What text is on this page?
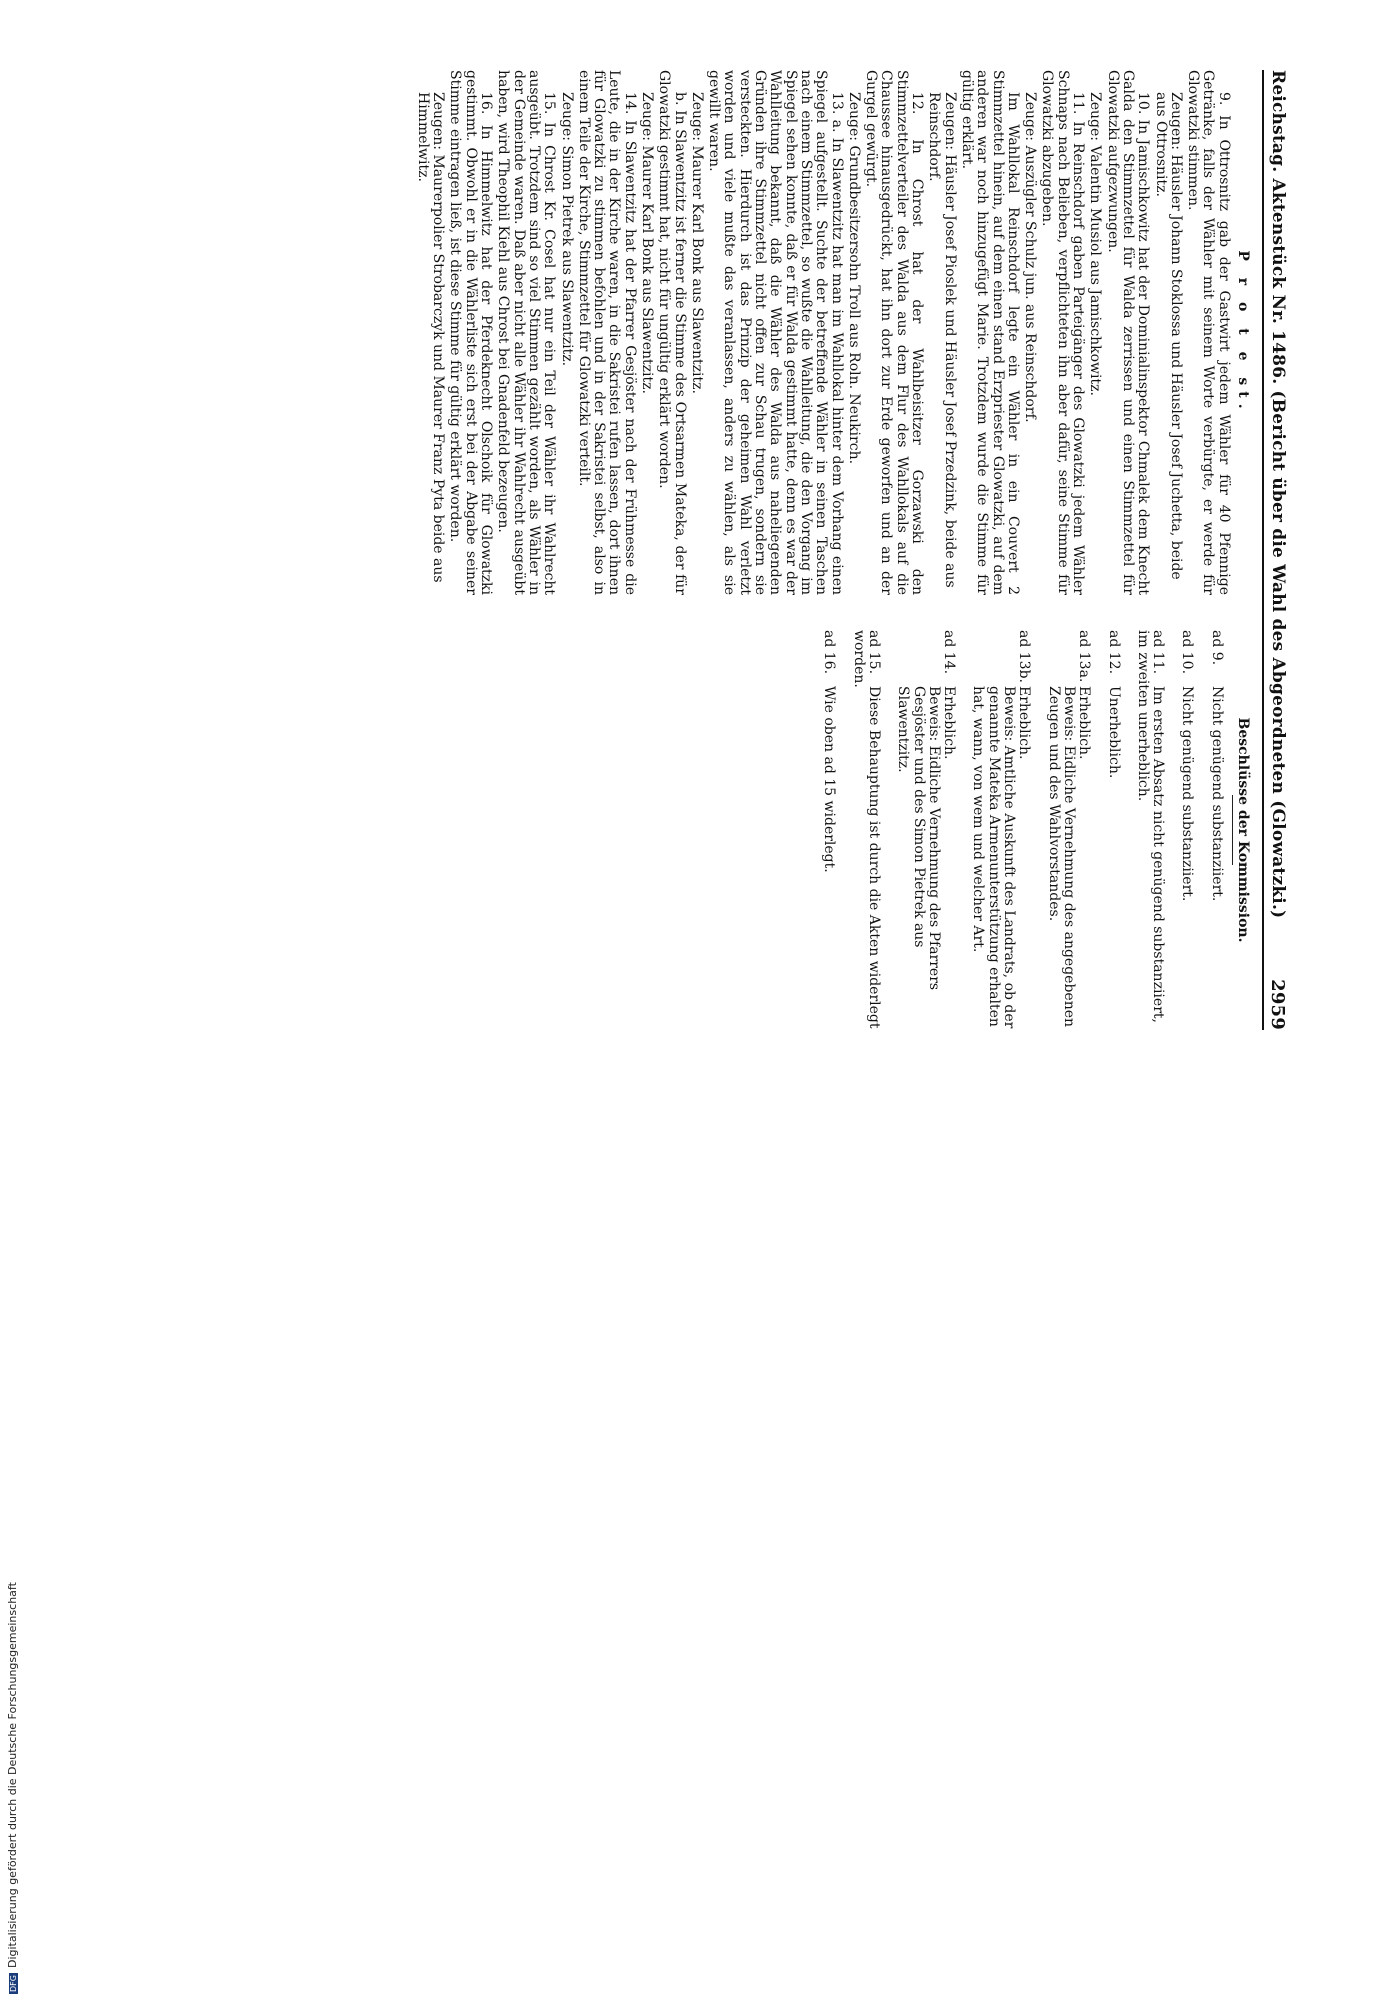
Reichstag. Aktenstück Nr. 1486. (Bericht über die Wahl des Abgeordneten (Glowatzki.)
2959
P r o t e st.

9. In Ottrosnitz gab der Gastwirt jedem Wähler für 40 Pfennige Getränke, falls der Wähler mit seinem Worte verbürgte, er werde für Glowatzki stimmen.

Zeugen: Häusler Johann Stoklossa und Häusler Josef Juchetta, beide aus Ottrosnitz.

10. In Jamischkowitz hat der Dominialinspektor Chmalek dem Knecht Galda den Stimmzettel für Walda zerrissen und einen Stimmzettel für Glowatzki aufgezwungen.

Zeuge: Valentin Musiol aus Jamischkowitz.

11. In Reinschdorf gaben Parteigänger des Glowatzki jedem Wähler Schnaps nach Belieben, verpflichteten ihn aber dafür, seine Stimme für Glowatzki abzugeben.

Zeuge: Auszügler Schulz jun. aus Reinschdorf.

Im Wahllokal Reinschdorf legte ein Wähler in ein Couvert 2 Stimmzettel hinein, auf dem einen stand Erzpriester Glowatzki, auf dem anderen war noch hinzugefügt Marie. Trotzdem wurde die Stimme für gültig erklärt.

Zeugen: Häusler Josef Pioslek und Häusler Josef Przedzink, beide aus Reinschdorf.

12. In Chrost hat der Wahlbeisitzer Gorzawski den Stimmzettelverteiler des Walda aus dem Flur des Wahllokals auf die Chaussee hinausgedrückt, hat ihn dort zur Erde geworfen und an der Gurgel gewürgt.

Zeuge: Grundbesitzersohn Troll aus Roln. Neukirch.

13. a. In Slawentzitz hat man im Wahllokal hinter dem Vorhang einen Spiegel aufgestellt. Suchte der betreffende Wähler in seinen Taschen nach einem Stimmzettel, so wußte die Wahlleitung, die den Vorgang im Spiegel sehen konnte, daß er für Walda gestimmt hatte, denn es war der Wahlleitung bekannt, daß die Wähler des Walda aus naheliegenden Gründen ihre Stimmzettel nicht offen zur Schau trugen, sondern sie versteckten. Hierdurch ist das Prinzip der geheimen Wahl verletzt worden und viele mußte das veranlassen, anders zu wählen, als sie gewillt waren.

Zeuge: Maurer Karl Bonk aus Slawentzitz.

b. In Slawentzitz ist ferner die Stimme des Ortsarmen Mateka, der für Glowatzki gestimmt hat, nicht für ungültig erklärt worden.

Zeuge: Maurer Karl Bonk aus Slawentzitz.

14. In Slawentzitz hat der Pfarrer Gesjöster nach der Frühmesse die Leute, die in der Kirche waren, in die Sakristei rufen lassen, dort ihnen für Glowatzki zu stimmen befohlen und in der Sakristei selbst, also in einem Teile der Kirche, Stimmzettel für Glowatzki verteilt.

Zeuge: Simon Pietrek aus Slawentzitz.

15. In Chrost Kr. Cosel hat nur ein Teil der Wähler ihr Wahlrecht ausgeübt. Trotzdem sind so viel Stimmen gezählt worden, als Wähler in der Gemeinde waren. Daß aber nicht alle Wähler ihr Wahlrecht ausgeübt haben, wird Theophil Kiehl aus Chrost bei Gnadenfeld bezeugen.

16. In Himmelwitz hat der Pferdeknecht Olschoik für Glowatzki gestimmt. Obwohl er in die Wählerliste sich erst bei der Abgabe seiner Stimme eintragen ließ, ist diese Stimme für gültig erklärt worden.

Zeugen: Maurerpolier Strobarczyk und Maurer Franz Pyta beide aus Himmelwitz.

Beschlüsse der Kommission.
ad 9.Nicht genügend substanziiert.
ad 10.Nicht genügend substanziiert.
ad 11.Im ersten Absatz nicht genügend substanziiert, im zweiten unerheblich.
ad 12.Unerheblich.
ad 13a.Erheblich.
Beweis: Eidliche Vernehmung des angegebenen Zeugen und des Wahlvorstandes.
ad 13b.Erheblich.
Beweis: Amtliche Auskunft des Landrats, ob der genannte Mateka Armenunterstützung erhalten hat, wann, von wem und welcher Art.
ad 14.Erheblich.
Beweis: Eidliche Vernehmung des Pfarrers Gesjöster und des Simon Pietrek aus Slawentzitz.
ad 15.Diese Behauptung ist durch die Akten widerlegt worden.
ad 16.Wie oben ad 15 widerlegt.
DFGDigitalisierung gefördert durch die Deutsche Forschungsgemeinschaft
